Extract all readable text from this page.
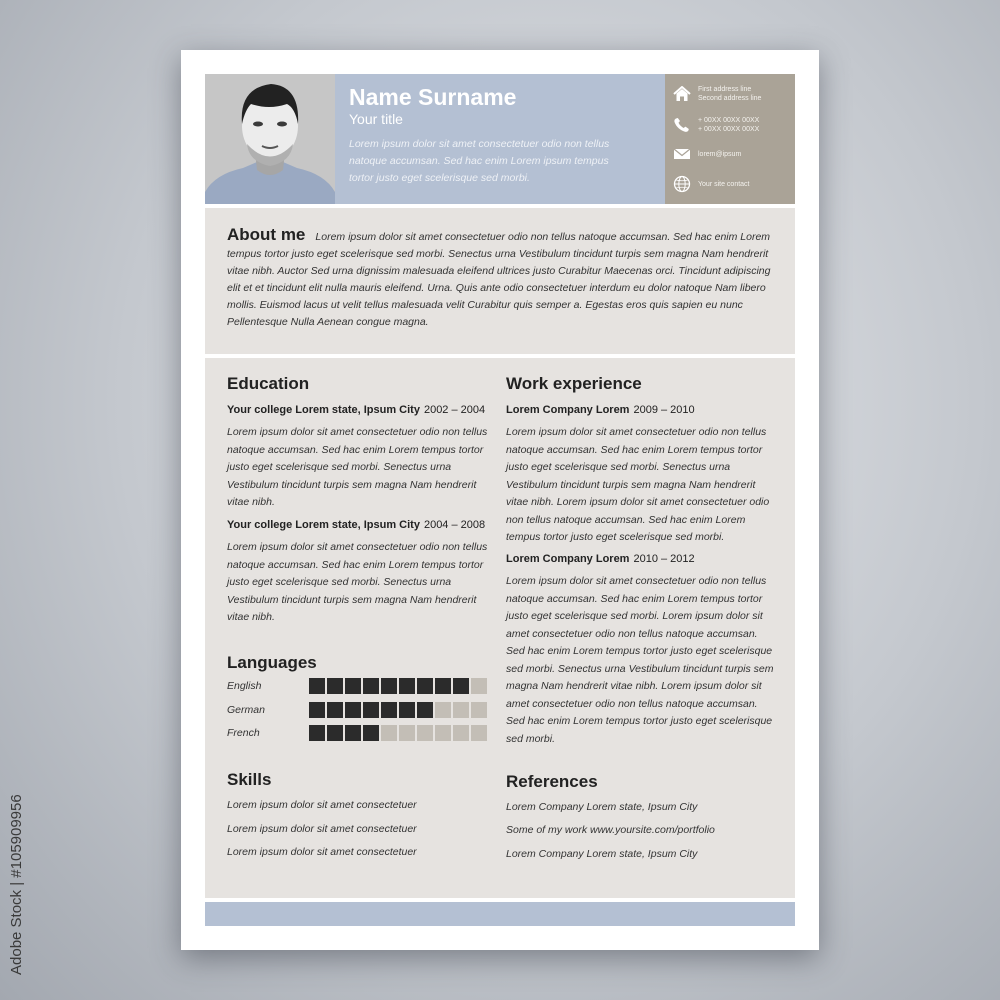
Name Surname
Your title
Lorem ipsum dolor sit amet consectetuer odio non tellus natoque accumsan. Sed hac enim Lorem ipsum tempus tortor justo eget scelerisque sed morbi.
First address line
Second address line
+ 00XX 00XX 00XX
+ 00XX 00XX 00XX
lorem@ipsum
Your site contact

About me Lorem ipsum dolor sit amet consectetuer odio non tellus natoque accumsan. Sed hac enim Lorem tempus tortor justo eget scelerisque sed morbi. Senectus urna Vestibulum tincidunt turpis sem magna Nam hendrerit vitae nibh. Auctor Sed urna dignissim malesuada eleifend ultrices justo Curabitur Maecenas orci. Tincidunt adipiscing elit et et tincidunt elit nulla mauris eleifend. Urna. Quis ante odio consectetuer interdum eu dolor natoque Nam libero mollis. Euismod lacus ut velit tellus malesuada velit Curabitur quis semper a. Egestas eros quis sapien eu nunc Pellentesque Nulla Aenean congue magna.

Education
Your college Lorem state, Ipsum City 2002 – 2004

Lorem ipsum dolor sit amet consectetuer odio non tellus natoque accumsan. Sed hac enim Lorem tempus tortor justo eget scelerisque sed morbi. Senectus urna Vestibulum tincidunt turpis sem magna Nam hendrerit vitae nibh.

Your college Lorem state, Ipsum City 2004 – 2008

Lorem ipsum dolor sit amet consectetuer odio non tellus natoque accumsan. Sed hac enim Lorem tempus tortor justo eget scelerisque sed morbi. Senectus urna Vestibulum tincidunt turpis sem magna Nam hendrerit vitae nibh.

Languages
English
German
French
Skills
Lorem ipsum dolor sit amet consectetuer
Lorem ipsum dolor sit amet consectetuer
Lorem ipsum dolor sit amet consectetuer
Work experience
Lorem Company Lorem 2009 – 2010

Lorem ipsum dolor sit amet consectetuer odio non tellus natoque accumsan. Sed hac enim Lorem tempus tortor justo eget scelerisque sed morbi. Senectus urna Vestibulum tincidunt turpis sem magna Nam hendrerit vitae nibh. Lorem ipsum dolor sit amet consectetuer odio non tellus natoque accumsan. Sed hac enim Lorem tempus tortor justo eget scelerisque sed morbi.

Lorem Company Lorem 2010 – 2012

Lorem ipsum dolor sit amet consectetuer odio non tellus natoque accumsan. Sed hac enim Lorem tempus tortor justo eget scelerisque sed morbi. Lorem ipsum dolor sit amet consectetuer odio non tellus natoque accumsan. Sed hac enim Lorem tempus tortor justo eget scelerisque sed morbi. Senectus urna Vestibulum tincidunt turpis sem magna Nam hendrerit vitae nibh. Lorem ipsum dolor sit amet consectetuer odio non tellus natoque accumsan. Sed hac enim Lorem tempus tortor justo eget scelerisque sed morbi.

References
Lorem Company Lorem state, Ipsum City
Some of my work www.yoursite.com/portfolio
Lorem Company Lorem state, Ipsum City
Adobe Stock | #105909956
